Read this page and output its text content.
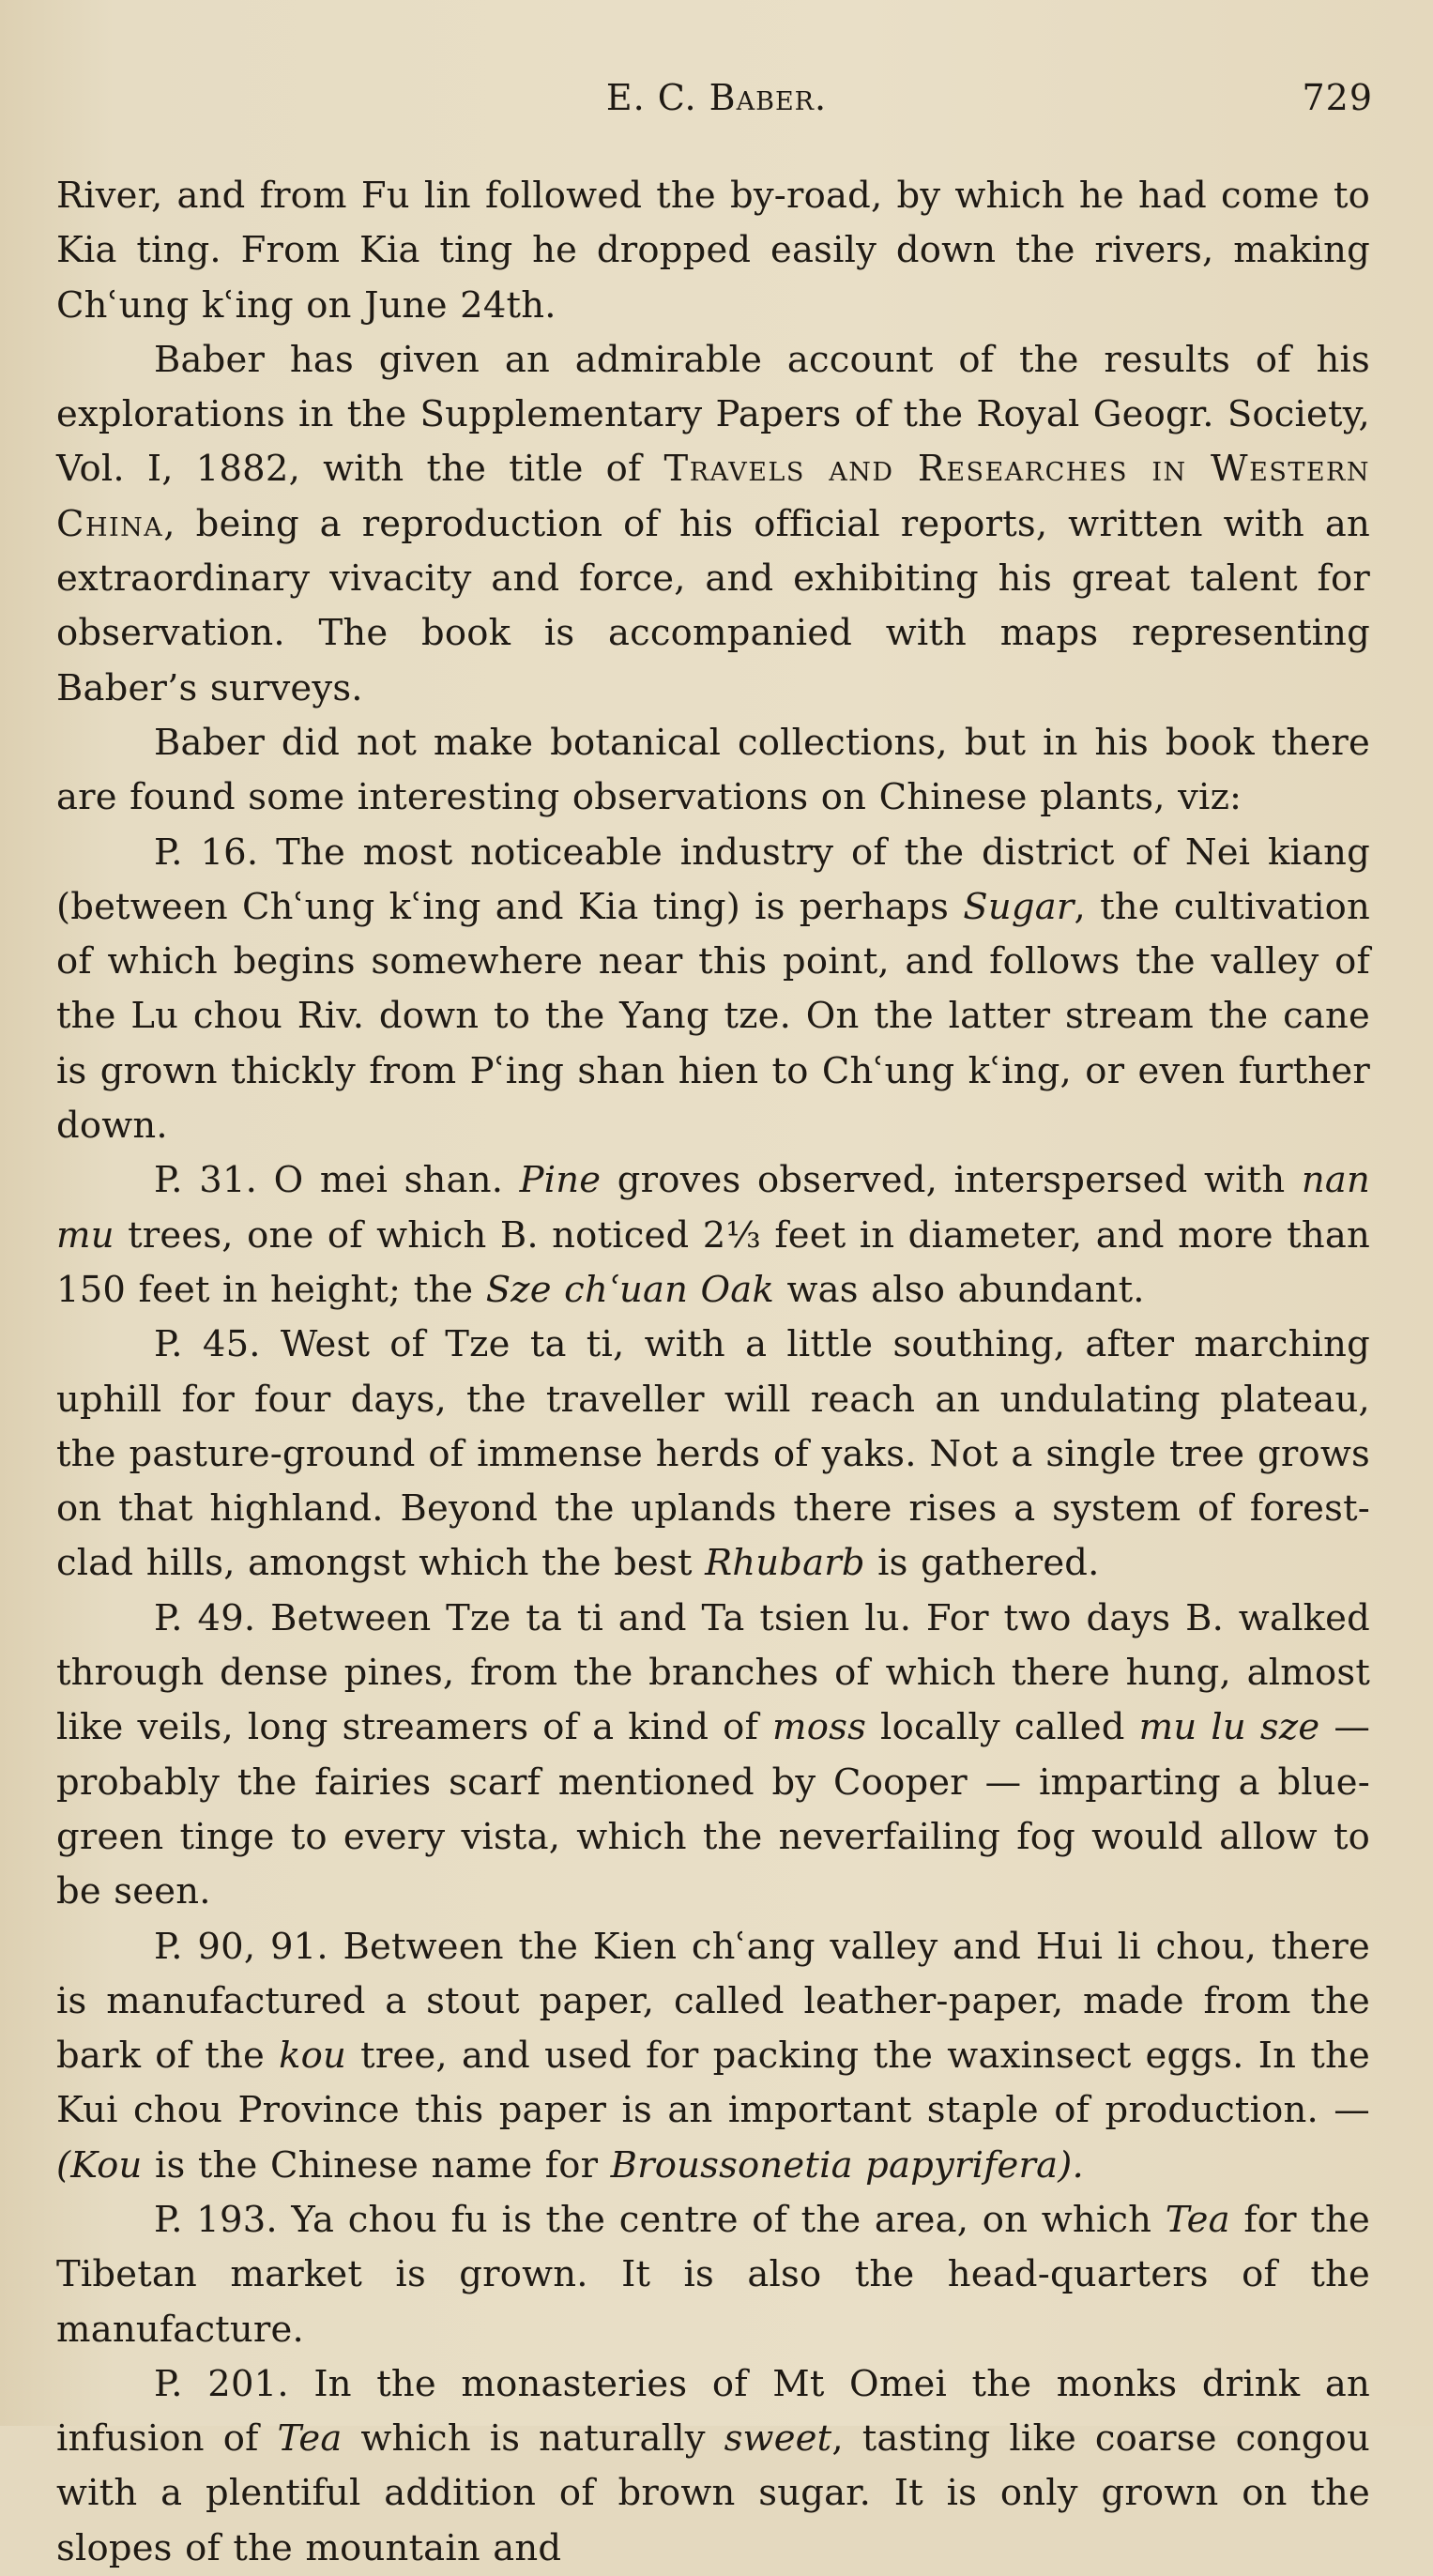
E. C. Baber.	729

River, and from Fu lin followed the by-road, by which he had come to Kia ting. From Kia ting he dropped easily down the rivers, making Chʿung kʿing on June 24th.

Baber has given an admirable account of the results of his explorations in the Supplementary Papers of the Royal Geogr. Society, Vol. I, 1882, with the title of Travels and Researches in Western China, being a reproduction of his official reports, written with an extraordinary vivacity and force, and exhibiting his great talent for observation. The book is accompanied with maps representing Baber’s surveys.

Baber did not make botanical collections, but in his book there are found some interesting observations on Chinese plants, viz:

P. 16. The most noticeable industry of the district of Nei kiang (between Chʿung kʿing and Kia ting) is perhaps Sugar, the cultivation of which begins somewhere near this point, and follows the valley of the Lu chou Riv. down to the Yang tze. On the latter stream the cane is grown thickly from Pʿing shan hien to Chʿung kʿing, or even further down.

P. 31. O mei shan. Pine groves observed, interspersed with nan mu trees, one of which B. noticed 2⅓ feet in diameter, and more than 150 feet in height; the Sze chʿuan Oak was also abundant.

P. 45. West of Tze ta ti, with a little southing, after marching uphill for four days, the traveller will reach an undulating plateau, the pasture-ground of immense herds of yaks. Not a single tree grows on that highland. Beyond the uplands there rises a system of forest-clad hills, amongst which the best Rhubarb is gathered.

P. 49. Between Tze ta ti and Ta tsien lu. For two days B. walked through dense pines, from the branches of which there hung, almost like veils, long streamers of a kind of moss locally called mu lu sze — probably the fairies scarf mentioned by Cooper — imparting a blue-green tinge to every vista, which the neverfailing fog would allow to be seen.

P. 90, 91. Between the Kien chʿang valley and Hui li chou, there is manufactured a stout paper, called leather-paper, made from the bark of the kou tree, and used for packing the waxinsect eggs. In the Kui chou Province this paper is an important staple of production. — (Kou is the Chinese name for Broussonetia papyrifera).

P. 193. Ya chou fu is the centre of the area, on which Tea for the Tibetan market is grown. It is also the head-quarters of the manufacture.

P. 201. In the monasteries of Mt Omei the monks drink an infusion of Tea which is naturally sweet, tasting like coarse congou with a plentiful addition of brown sugar. It is only grown on the slopes of the mountain and
